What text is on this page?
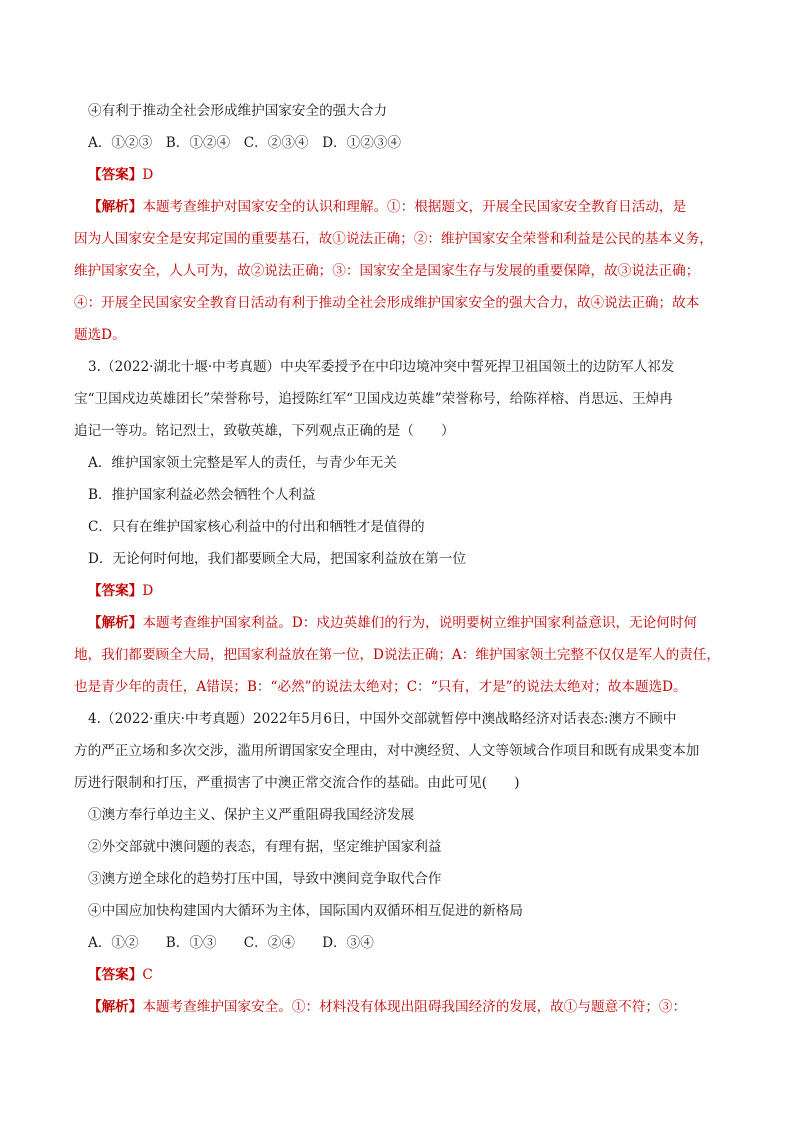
④有利于推动全社会形成维护国家安全的强大合力
A．①②③　B．①②④　C．②③④　D．①②③④
【答案】D
【解析】本题考查维护对国家安全的认识和理解。①：根据题文，开展全民国家安全教育日活动，是
因为人国家安全是安邦定国的重要基石，故①说法正确；②：维护国家安全荣誉和利益是公民的基本义务，
维护国家安全，人人可为，故②说法正确；③：国家安全是国家生存与发展的重要保障，故③说法正确；
④：开展全民国家安全教育日活动有利于推动全社会形成维护国家安全的强大合力，故④说法正确；故本
题选D。
3.（2022·湖北十堰·中考真题）中央军委授予在中印边境冲突中誓死捍卫祖国领土的边防军人祁发
宝“卫国戍边英雄团长”荣誉称号，追授陈红军“卫国戍边英雄”荣誉称号，给陈祥榕、肖思远、王焯冉
追记一等功。铭记烈士，致敬英雄，下列观点正确的是（　　）
A．维护国家领土完整是军人的责任，与青少年无关
B．推护国家利益必然会牺牲个人利益
C．只有在维护国家核心利益中的付出和牺牲才是值得的
D．无论何时何地，我们都要顾全大局，把国家利益放在第一位
【答案】D
【解析】本题考查维护国家利益。D：戍边英雄们的行为，说明要树立维护国家利益意识，无论何时何
地，我们都要顾全大局，把国家利益放在第一位，D说法正确；A：维护国家领土完整不仅仅是军人的责任，
也是青少年的责任，A错误；B：“必然”的说法太绝对；C：“只有，才是”的说法太绝对；故本题选D。
4.（2022·重庆·中考真题）2022年5月6日，中国外交部就暂停中澳战略经济对话表态:澳方不顾中
方的严正立场和多次交涉，滥用所谓国家安全理由，对中澳经贸、人文等领域合作项目和既有成果变本加
厉进行限制和打压，严重损害了中澳正常交流合作的基础。由此可见(　　)
①澳方奉行单边主义、保护主义严重阻碍我国经济发展
②外交部就中澳问题的表态，有理有据，坚定维护国家利益
③澳方逆全球化的趋势打压中国，导致中澳间竞争取代合作
④中国应加快构建国内大循环为主体，国际国内双循环相互促进的新格局
A．①②　　B．①③　　C．②④　　D．③④
【答案】C
【解析】本题考查维护国家安全。①：材料没有体现出阻碍我国经济的发展，故①与题意不符；③：
